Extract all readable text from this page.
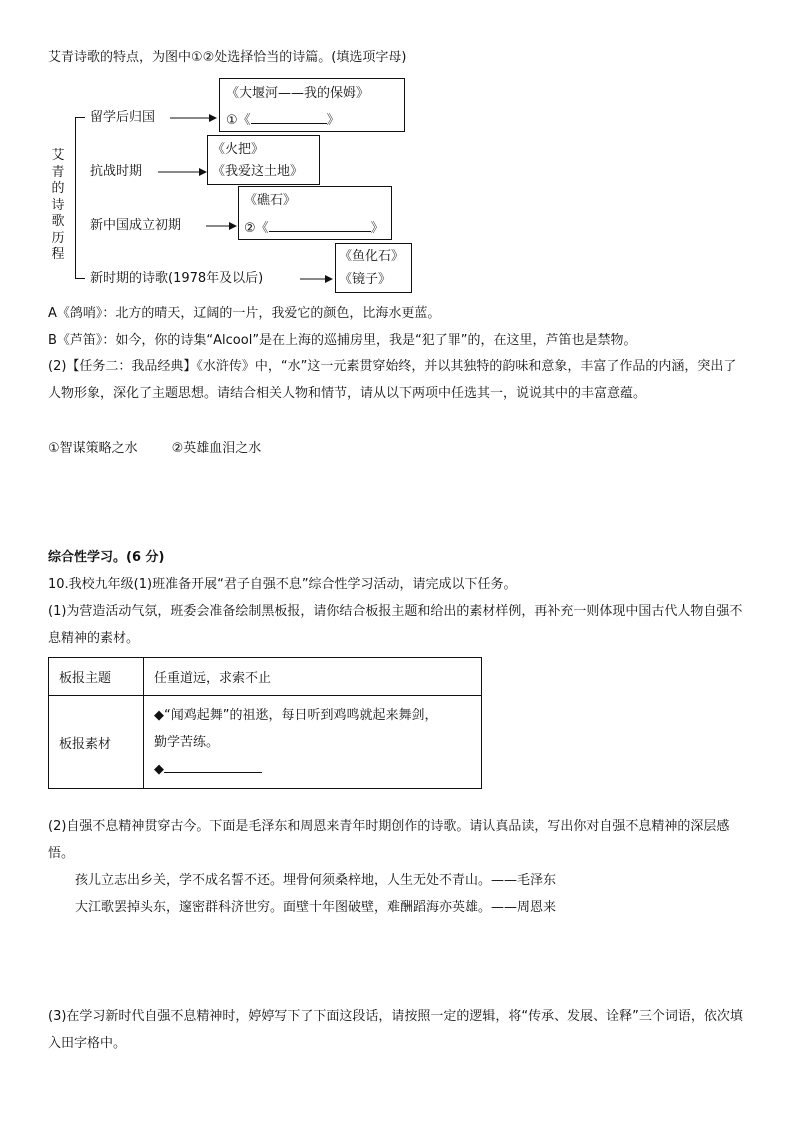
艾青诗歌的特点，为图中①②处选择恰当的诗篇。(填选项字母)
艾
青
的
诗
歌
历
程
留学后归国
抗战时期
新中国成立初期
新时期的诗歌(1978年及以后)
《大堰河——我的保姆》
①《	》
《火把》
《我爱这土地》
《礁石》
②《	》
《鱼化石》
《镜子》
A《鸽哨》：北方的晴天，辽阔的一片，我爱它的颜色，比海水更蓝。
B《芦笛》：如今，你的诗集“Alcool”是在上海的巡捕房里，我是“犯了罪”的，在这里，芦笛也是禁物。
(2)【任务二：我品经典】《水浒传》中，“水”这一元素贯穿始终，并以其独特的韵味和意象，丰富了作品的内涵，突出了人物形象，深化了主题思想。请结合相关人物和情节，请从以下两项中任选其一，说说其中的丰富意蕴。
①智谋策略之水	②英雄血泪之水
综合性学习。(6 分)
10.我校九年级(1)班准备开展“君子自强不息”综合性学习活动，请完成以下任务。
(1)为营造活动气氛，班委会准备绘制黑板报，请你结合板报主题和给出的素材样例，再补充一则体现中国古代人物自强不息精神的素材。
板报主题	任重道远，求索不止
板报素材	◆“闻鸡起舞”的祖逖，每日听到鸡鸣就起来舞剑，
勤学苦练。
◆
(2)自强不息精神贯穿古今。下面是毛泽东和周恩来青年时期创作的诗歌。请认真品读，写出你对自强不息精神的深层感悟。
孩儿立志出乡关，学不成名誓不还。埋骨何须桑梓地，人生无处不青山。——毛泽东
大江歌罢掉头东，邃密群科济世穷。面壁十年图破壁，难酬蹈海亦英雄。——周恩来
(3)在学习新时代自强不息精神时，婷婷写下了下面这段话，请按照一定的逻辑，将“传承、发展、诠释”三个词语，依次填入田字格中。
